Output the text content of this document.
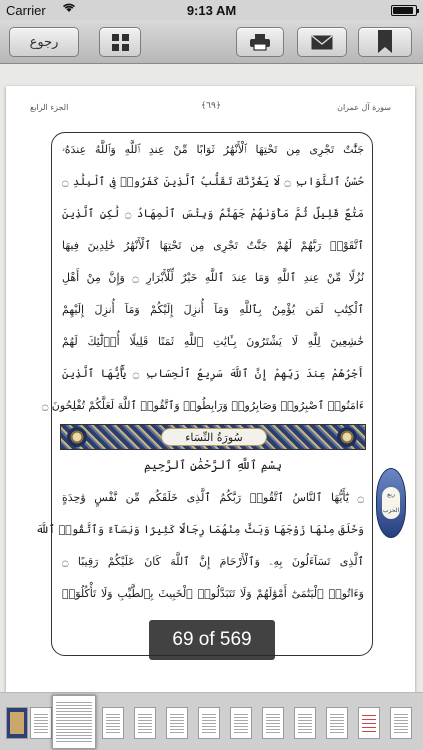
Carrier	9:13 AM
رجوع
سورة آل عمران
﴿٦٩﴾
الجزء الرابع
جَنَّٰتٌ تَجْرِى مِن تَحْتِهَا ٱلْأَنْهَٰرُ ثَوَابًا مِّنْ عِندِ ٱللَّهِ وَٱللَّهُ عِندَهُۥ
حُسْنُ ٱلثَّوَابِ ۝ لَا يَغُرَّنَّكَ تَقَلُّبُ ٱلَّذِينَ كَفَرُوا۟ فِى ٱلْبِلَٰدِ ۝
مَتَٰعٌ قَلِيلٌ ثُمَّ مَأْوَىٰهُمْ جَهَنَّمُ وَبِئْسَ ٱلْمِهَادُ ۝ لَٰكِنِ ٱلَّذِينَ
ٱتَّقَوْا۟ رَبَّهُمْ لَهُمْ جَنَّٰتٌ تَجْرِى مِن تَحْتِهَا ٱلْأَنْهَٰرُ خَٰلِدِينَ فِيهَا
نُزُلًا مِّنْ عِندِ ٱللَّهِ وَمَا عِندَ ٱللَّهِ خَيْرٌ لِّلْأَبْرَارِ ۝ وَإِنَّ مِنْ أَهْلِ
ٱلْكِتَٰبِ لَمَن يُؤْمِنُ بِٱللَّهِ وَمَآ أُنزِلَ إِلَيْكُمْ وَمَآ أُنزِلَ إِلَيْهِمْ
خَٰشِعِينَ لِلَّهِ لَا يَشْتَرُونَ بِـَٔايَٰتِ ٱللَّهِ ثَمَنًا قَلِيلًا أُو۟لَٰٓئِكَ لَهُمْ
أَجْرُهُمْ عِندَ رَبِّهِمْ إِنَّ ٱللَّهَ سَرِيعُ ٱلْحِسَابِ ۝ يَٰٓأَيُّهَا ٱلَّذِينَ
ءَامَنُوا۟ ٱصْبِرُوا۟ وَصَابِرُوا۟ وَرَابِطُوا۟ وَٱتَّقُوا۟ ٱللَّهَ لَعَلَّكُمْ تُفْلِحُونَ ۝
سُورَةُ النِّسَاء
بِسْمِ ٱللَّهِ ٱلرَّحْمَٰنِ ٱلرَّحِيمِ
۝ يَٰٓأَيُّهَا ٱلنَّاسُ ٱتَّقُوا۟ رَبَّكُمُ ٱلَّذِى خَلَقَكُم مِّن نَّفْسٍ وَٰحِدَةٍ
وَخَلَقَ مِنْهَا زَوْجَهَا وَبَثَّ مِنْهُمَا رِجَالًا كَثِيرًا وَنِسَآءً وَٱتَّقُوا۟ ٱللَّهَ
ٱلَّذِى تَسَآءَلُونَ بِهِۦ وَٱلْأَرْحَامَ إِنَّ ٱللَّهَ كَانَ عَلَيْكُمْ رَقِيبًا ۝
وَءَاتُوا۟ ٱلْيَتَٰمَىٰٓ أَمْوَٰلَهُمْ وَلَا تَتَبَدَّلُوا۟ ٱلْخَبِيثَ بِٱلطَّيِّبِ وَلَا تَأْكُلُوٓا۟
ربع الحزب
69 of 569
